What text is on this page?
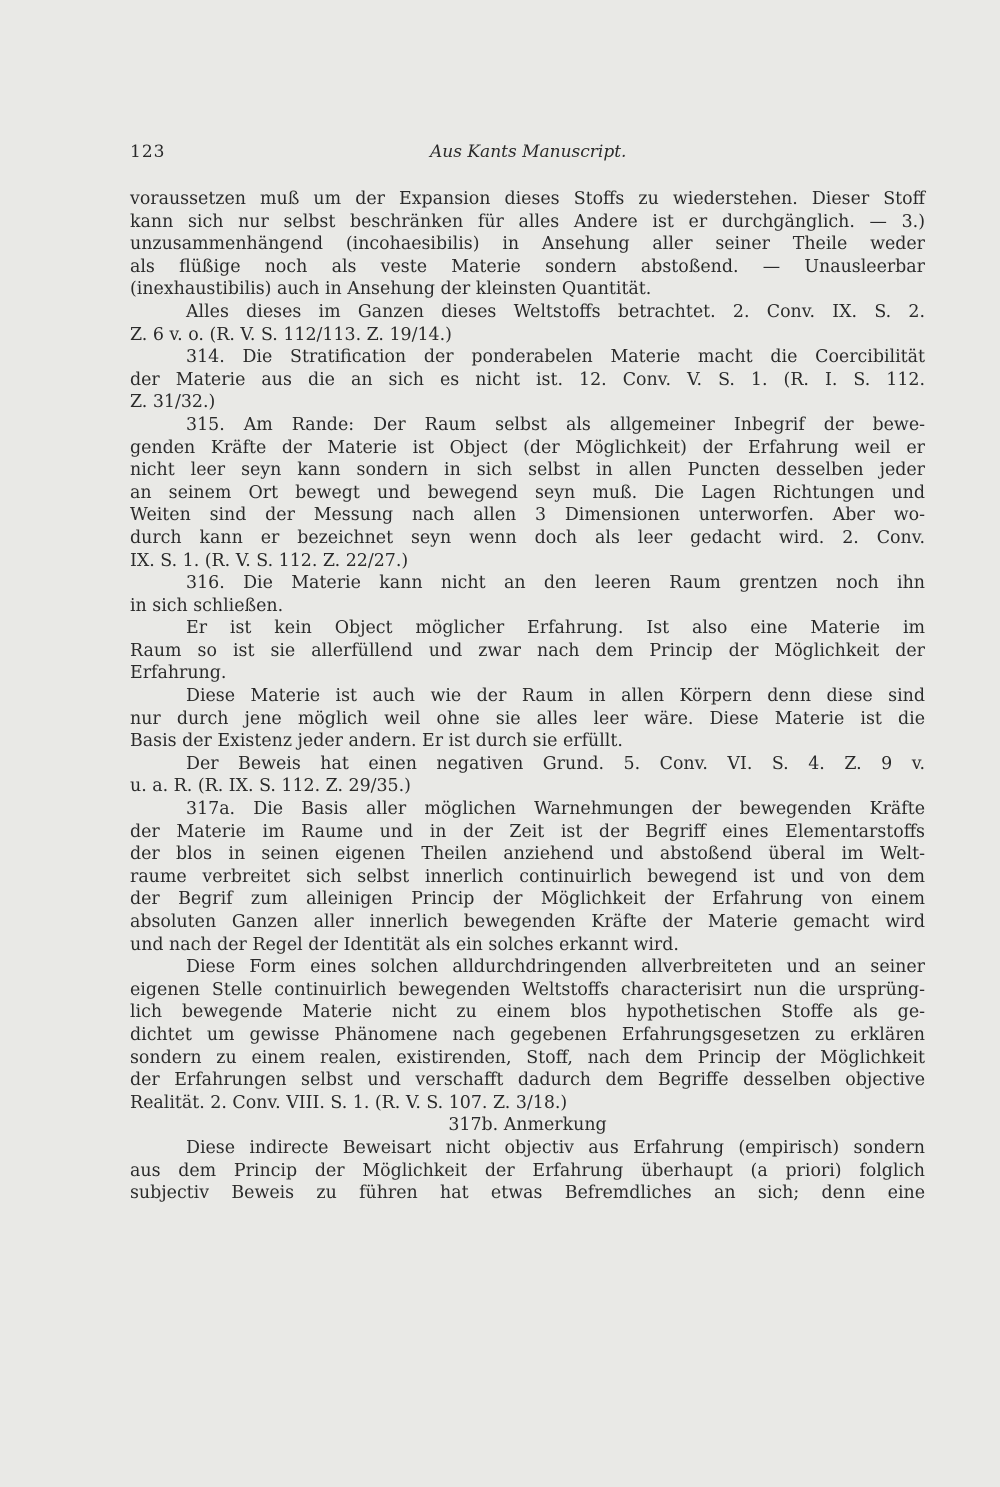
123	Aus Kants Manuscript.
voraussetzen muß um der Expansion dieses Stoffs zu wiederstehen. Dieser Stoff
kann sich nur selbst beschränken für alles Andere ist er durchgänglich. — 3.)
unzusammenhängend (incohaesibilis) in Ansehung aller seiner Theile weder
als flüßige noch als veste Materie sondern abstoßend. — Unausleerbar
(inexhaustibilis) auch in Ansehung der kleinsten Quantität.
Alles dieses im Ganzen dieses Weltstoffs betrachtet. 2. Conv. IX. S. 2.
Z. 6 v. o. (R. V. S. 112/113. Z. 19/14.)
314. Die Stratification der ponderabelen Materie macht die Coercibilität
der Materie aus die an sich es nicht ist. 12. Conv. V. S. 1. (R. I. S. 112.
Z. 31/32.)
315. Am Rande: Der Raum selbst als allgemeiner Inbegrif der bewe-
genden Kräfte der Materie ist Object (der Möglichkeit) der Erfahrung weil er
nicht leer seyn kann sondern in sich selbst in allen Puncten desselben jeder
an seinem Ort bewegt und bewegend seyn muß. Die Lagen Richtungen und
Weiten sind der Messung nach allen 3 Dimensionen unterworfen. Aber wo-
durch kann er bezeichnet seyn wenn doch als leer gedacht wird. 2. Conv.
IX. S. 1. (R. V. S. 112. Z. 22/27.)
316. Die Materie kann nicht an den leeren Raum grentzen noch ihn
in sich schließen.
Er ist kein Object möglicher Erfahrung. Ist also eine Materie im
Raum so ist sie allerfüllend und zwar nach dem Princip der Möglichkeit der
Erfahrung.
Diese Materie ist auch wie der Raum in allen Körpern denn diese sind
nur durch jene möglich weil ohne sie alles leer wäre. Diese Materie ist die
Basis der Existenz jeder andern. Er ist durch sie erfüllt.
Der Beweis hat einen negativen Grund. 5. Conv. VI. S. 4. Z. 9 v.
u. a. R. (R. IX. S. 112. Z. 29/35.)
317a. Die Basis aller möglichen Warnehmungen der bewegenden Kräfte
der Materie im Raume und in der Zeit ist der Begriff eines Elementarstoffs
der blos in seinen eigenen Theilen anziehend und abstoßend überal im Welt-
raume verbreitet sich selbst innerlich continuirlich bewegend ist und von dem
der Begrif zum alleinigen Princip der Möglichkeit der Erfahrung von einem
absoluten Ganzen aller innerlich bewegenden Kräfte der Materie gemacht wird
und nach der Regel der Identität als ein solches erkannt wird.
Diese Form eines solchen alldurchdringenden allverbreiteten und an seiner
eigenen Stelle continuirlich bewegenden Weltstoffs characterisirt nun die ursprüng-
lich bewegende Materie nicht zu einem blos hypothetischen Stoffe als ge-
dichtet um gewisse Phänomene nach gegebenen Erfahrungsgesetzen zu erklären
sondern zu einem realen, existirenden, Stoff, nach dem Princip der Möglichkeit
der Erfahrungen selbst und verschafft dadurch dem Begriffe desselben objective
Realität. 2. Conv. VIII. S. 1. (R. V. S. 107. Z. 3/18.)
317b. Anmerkung
Diese indirecte Beweisart nicht objectiv aus Erfahrung (empirisch) sondern
aus dem Princip der Möglichkeit der Erfahrung überhaupt (a priori) folglich
subjectiv Beweis zu führen hat etwas Befremdliches an sich; denn eine
